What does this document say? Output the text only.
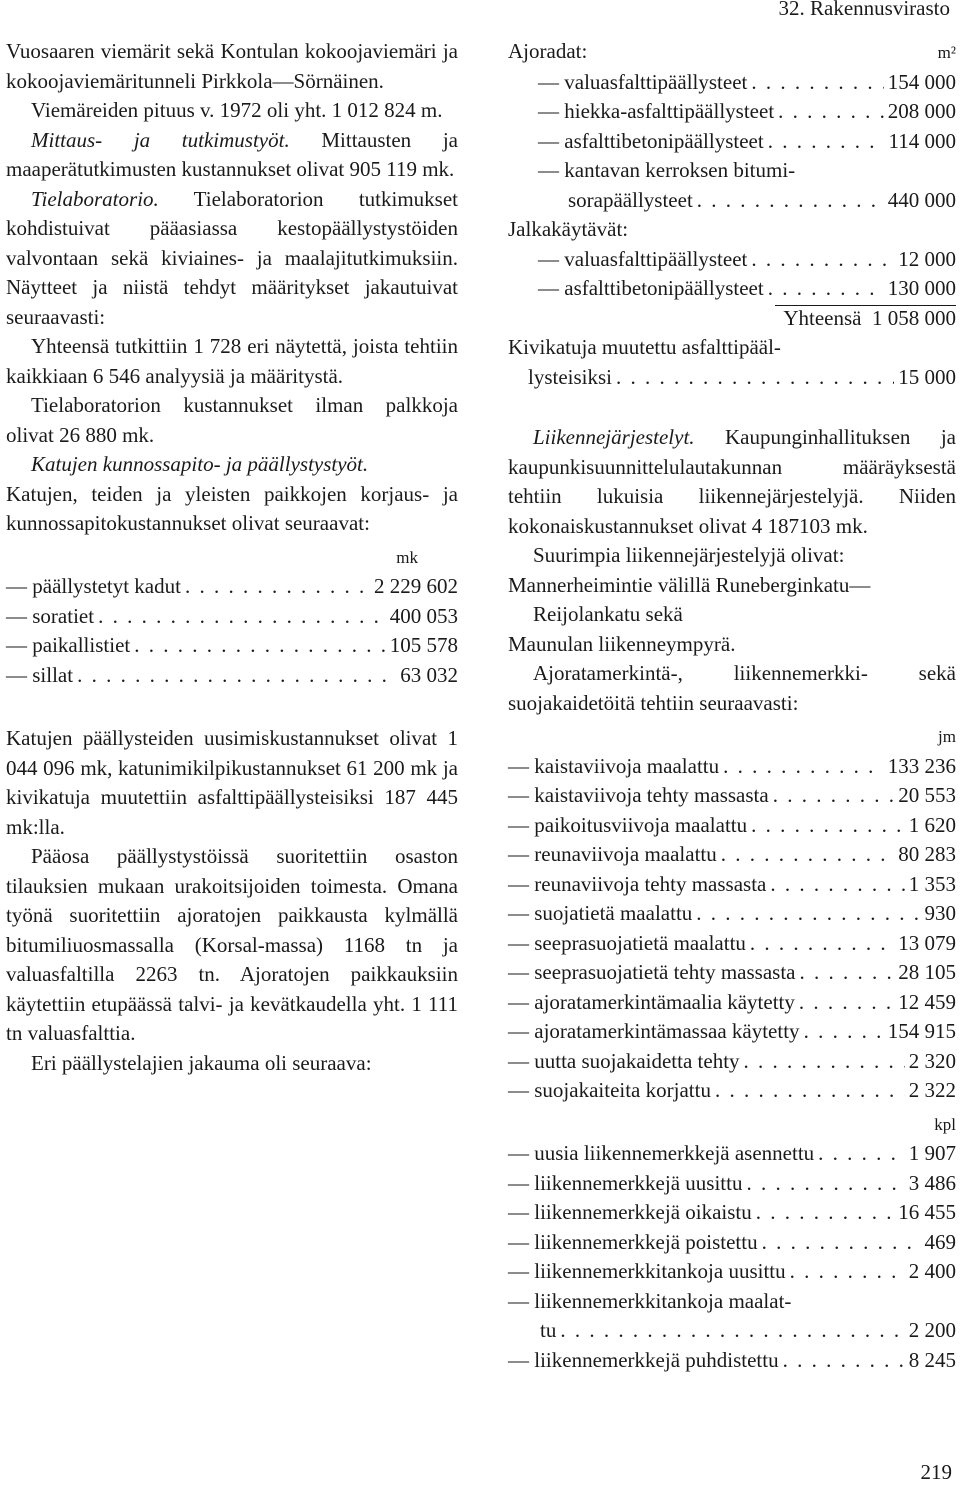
32. Rakennusvirasto

Vuosaaren viemärit sekä Kontulan kokoojaviemäri ja kokoojaviemäritunneli Pirkkola—Sörnäinen.

Viemäreiden pituus v. 1972 oli yht. 1 012 824 m.

Mittaus- ja tutkimustyöt. Mittausten ja maaperätutkimusten kustannukset olivat 905 119 mk.

Tielaboratorio. Tielaboratorion tutkimukset kohdistuivat pääasiassa kestopäällystystöiden valvontaan sekä kiviaines- ja maalajitutkimuksiin. Näytteet ja niistä tehdyt määritykset jakautuivat seuraavasti:

Yhteensä tutkittiin 1 728 eri näytettä, joista tehtiin kaikkiaan 6 546 analyysiä ja määritystä.

Tielaboratorion kustannukset ilman palkkoja olivat 26 880 mk.

Katujen kunnossapito- ja päällystystyöt.

Katujen, teiden ja yleisten paikkojen korjaus- ja kunnossapitokustannukset olivat seuraavat:

mk
— päällystetyt kadut . . .	2 229 602
— soratiet . . .	400 053
— paikallistiet . . .	105 578
— sillat . . .	63 032

Katujen päällysteiden uusimiskustannukset olivat 1 044 096 mk, katunimikilpikustannukset 61 200 mk ja kivikatuja muutettiin asfalttipäällysteisiksi 187 445 mk:lla.

Pääosa päällystystöissä suoritettiin osaston tilauksien mukaan urakoitsijoiden toimesta. Omana työnä suoritettiin ajoratojen paikkausta kylmällä bitumiliuosmassalla (Korsal-massa) 1168 tn ja valuasfaltilla 2263 tn. Ajoratojen paikkauksiin käytettiin etupäässä talvi- ja kevätkaudella yht. 1 111 tn valuasfalttia.

Eri päällystelajien jakauma oli seuraava:

Ajoradat:	m²
— valuasfalttipäällysteet . . .	154 000
— hiekka-asfalttipäällysteet . . .	208 000
— asfalttibetonipäällysteet . . .	114 000
— kantavan kerroksen bitumi-
sorapäällysteet . . .	440 000
Jalkakäytävät:
— valuasfalttipäällysteet . . .	12 000
— asfalttibetonipäällysteet . . .	130 000
Yhteensä 1 058 000
Kivikatuja muutettu asfalttipääl-
lysteisiksi . . .	15 000

Liikennejärjestelyt. Kaupunginhallituksen ja kaupunkisuunnittelulautakunnan määräyksestä tehtiin lukuisia liikennejärjestelyjä. Niiden kokonaiskustannukset olivat 4 187103 mk.

Suurimpia liikennejärjestelyjä olivat:

Mannerheimintie välillä Runeberginkatu—
Reijolankatu sekä
Maunulan liikenneympyrä.

Ajoratamerkintä-, liikennemerkki- sekä suojakaidetöitä tehtiin seuraavasti:

jm
— kaistaviivoja maalattu . . .	133 236
— kaistaviivoja tehty massasta . . .	20 553
— paikoitusviivoja maalattu . . .	1 620
— reunaviivoja maalattu . . .	80 283
— reunaviivoja tehty massasta . . .	1 353
— suojatietä maalattu . . .	930
— seeprasuojatietä maalattu . . .	13 079
— seeprasuojatietä tehty massasta . . .	28 105
— ajoratamerkintämaalia käytetty . . .	12 459
— ajoratamerkintämassaa käytetty . . .	154 915
— uutta suojakaidetta tehty . . .	2 320
— suojakaiteita korjattu . . .	2 322
kpl
— uusia liikennemerkkejä asennettu . . .	1 907
— liikennemerkkejä uusittu . . .	3 486
— liikennemerkkejä oikaistu . . .	16 455
— liikennemerkkejä poistettu . . .	469
— liikennemerkkitankoja uusittu . . .	2 400
— liikennemerkkitankoja maalat-
tu . . .	2 200
— liikennemerkkejä puhdistettu . . .	8 245
219
